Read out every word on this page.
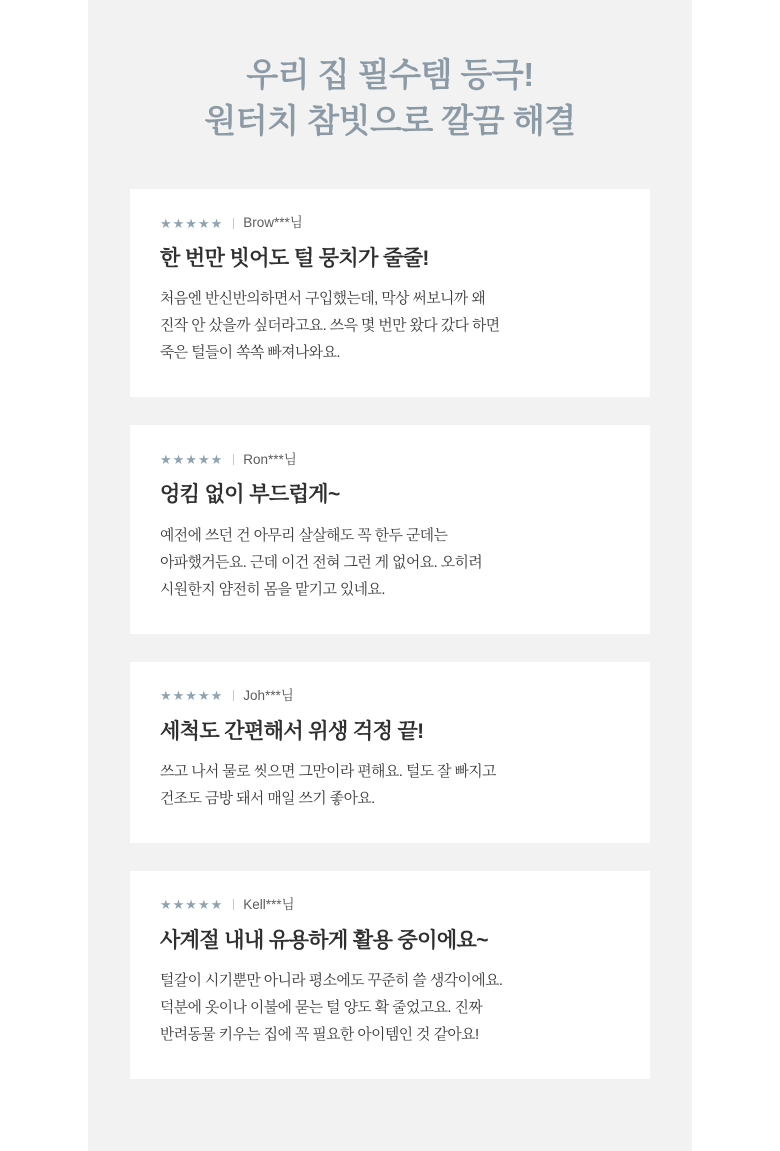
우리 집 필수템 등극!
원터치 참빗으로 깔끔 해결
★★★★★ Brow***님
한 번만 빗어도 털 뭉치가 줄줄!
처음엔 반신반의하면서 구입했는데, 막상 써보니까 왜
진작 안 샀을까 싶더라고요. 쓰윽 몇 번만 왔다 갔다 하면
죽은 털들이 쏙쏙 빠져나와요.
★★★★★ Ron***님
엉킴 없이 부드럽게~
예전에 쓰던 건 아무리 살살해도 꼭 한두 군데는
아파했거든요. 근데 이건 전혀 그런 게 없어요. 오히려
시원한지 얌전히 몸을 맡기고 있네요.
★★★★★ Joh***님
세척도 간편해서 위생 걱정 끝!
쓰고 나서 물로 씻으면 그만이라 편해요. 털도 잘 빠지고
건조도 금방 돼서 매일 쓰기 좋아요.
★★★★★ Kell***님
사계절 내내 유용하게 활용 중이에요~
털갈이 시기뿐만 아니라 평소에도 꾸준히 쓸 생각이에요.
덕분에 옷이나 이불에 묻는 털 양도 확 줄었고요. 진짜
반려동물 키우는 집에 꼭 필요한 아이템인 것 같아요!
